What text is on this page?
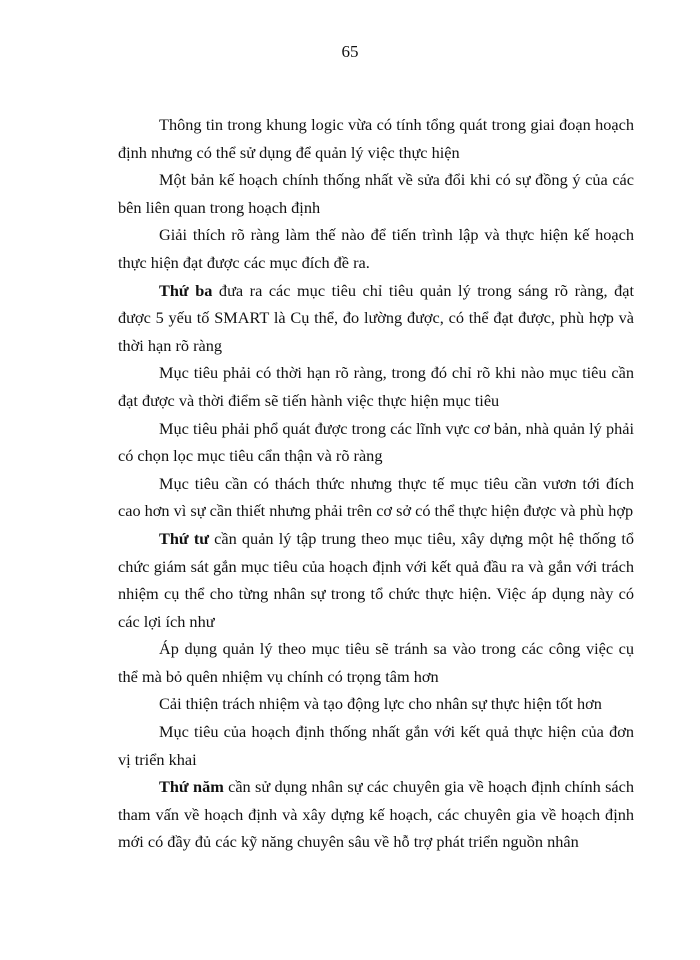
65

Thông tin trong khung logic vừa có tính tổng quát trong giai đoạn hoạch định nhưng có thể sử dụng để quản lý việc thực hiện

Một bản kế hoạch chính thống nhất về sửa đổi khi có sự đồng ý của các bên liên quan trong hoạch định

Giải thích rõ ràng làm thế nào để tiến trình lập và thực hiện kế hoạch thực hiện đạt được các mục đích đề ra.

Thứ ba đưa ra các mục tiêu chỉ tiêu quản lý trong sáng rõ ràng, đạt được 5 yếu tố SMART là Cụ thể, đo lường được, có thể đạt được, phù hợp và thời hạn rõ ràng

Mục tiêu phải có thời hạn rõ ràng, trong đó chỉ rõ khi nào mục tiêu cần đạt được và thời điểm sẽ tiến hành việc thực hiện mục tiêu

Mục tiêu phải phổ quát được trong các lĩnh vực cơ bản, nhà quản lý phải có chọn lọc mục tiêu cẩn thận và rõ ràng

Mục tiêu cần có thách thức nhưng thực tế mục tiêu cần vươn tới đích cao hơn vì sự cần thiết nhưng phải trên cơ sở có thể thực hiện được và phù hợp

Thứ tư cần quản lý tập trung theo mục tiêu, xây dựng một hệ thống tổ chức giám sát gắn mục tiêu của hoạch định với kết quả đầu ra và gắn với trách nhiệm cụ thể cho từng nhân sự trong tổ chức thực hiện. Việc áp dụng này có các lợi ích như

Áp dụng quản lý theo mục tiêu sẽ tránh sa vào trong các công việc cụ thể mà bỏ quên nhiệm vụ chính có trọng tâm hơn

Cải thiện trách nhiệm và tạo động lực cho nhân sự thực hiện tốt hơn

Mục tiêu của hoạch định thống nhất gắn với kết quả thực hiện của đơn vị triển khai

Thứ năm cần sử dụng nhân sự các chuyên gia về hoạch định chính sách tham vấn về hoạch định và xây dựng kế hoạch, các chuyên gia về hoạch định mới có đầy đủ các kỹ năng chuyên sâu về hỗ trợ phát triển nguồn nhân
